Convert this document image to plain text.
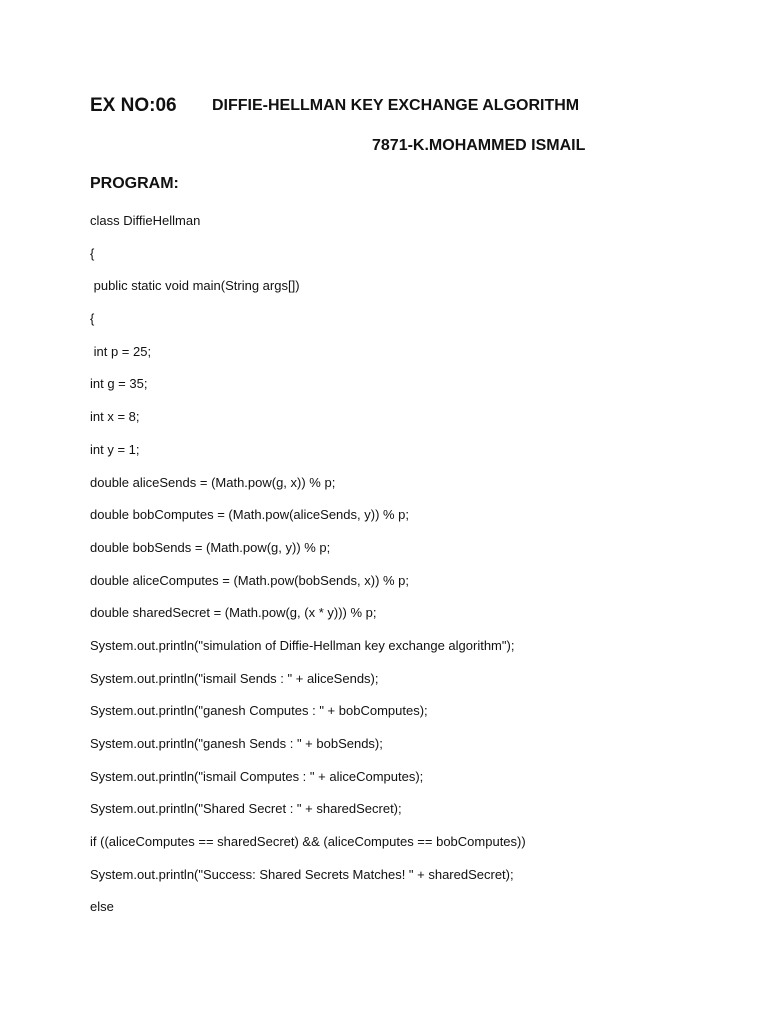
EX NO:06 DIFFIE-HELLMAN KEY EXCHANGE ALGORITHM
7871-K.MOHAMMED ISMAIL
PROGRAM:
class DiffieHellman
{
public static void main(String args[])
{
int p = 25;
int g = 35;
int x = 8;
int y = 1;
double aliceSends = (Math.pow(g, x)) % p;
double bobComputes = (Math.pow(aliceSends, y)) % p;
double bobSends = (Math.pow(g, y)) % p;
double aliceComputes = (Math.pow(bobSends, x)) % p;
double sharedSecret = (Math.pow(g, (x * y))) % p;
System.out.println("simulation of Diffie-Hellman key exchange algorithm");
System.out.println("ismail Sends : " + aliceSends);
System.out.println("ganesh Computes : " + bobComputes);
System.out.println("ganesh Sends : " + bobSends);
System.out.println("ismail Computes : " + aliceComputes);
System.out.println("Shared Secret : " + sharedSecret);
if ((aliceComputes == sharedSecret) && (aliceComputes == bobComputes))
System.out.println("Success: Shared Secrets Matches! " + sharedSecret);
else
